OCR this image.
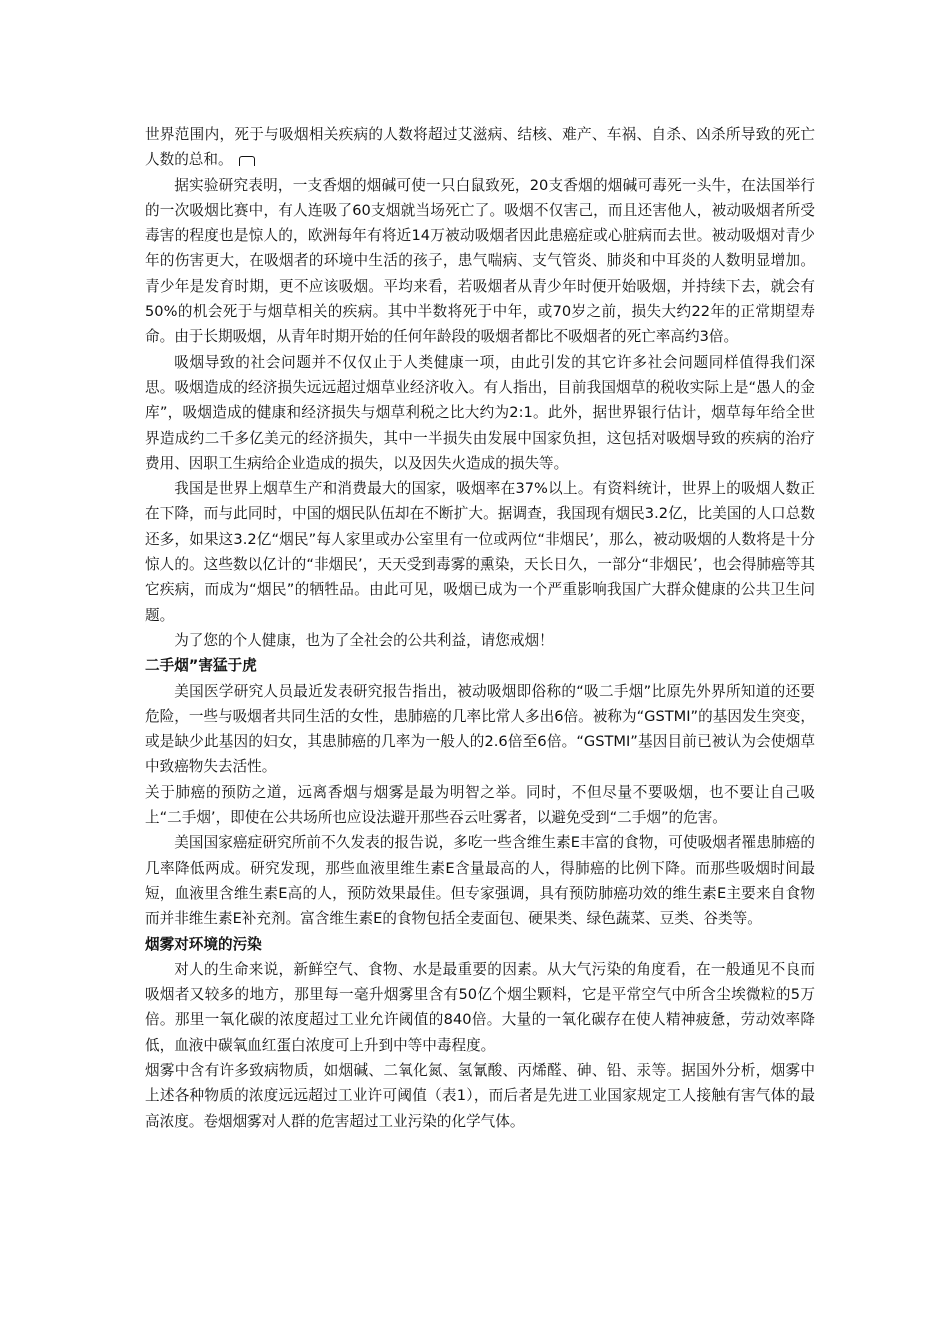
世界范围内，死于与吸烟相关疾病的人数将超过艾滋病、结核、难产、车祸、自杀、凶杀所导致的死亡人数的总和。

据实验研究表明，一支香烟的烟碱可使一只白鼠致死，20支香烟的烟碱可毒死一头牛，在法国举行的一次吸烟比赛中，有人连吸了60支烟就当场死亡了。吸烟不仅害己，而且还害他人，被动吸烟者所受毒害的程度也是惊人的，欧洲每年有将近14万被动吸烟者因此患癌症或心脏病而去世。被动吸烟对青少年的伤害更大，在吸烟者的环境中生活的孩子，患气喘病、支气管炎、肺炎和中耳炎的人数明显增加。青少年是发育时期，更不应该吸烟。平均来看，若吸烟者从青少年时便开始吸烟，并持续下去，就会有50%的机会死于与烟草相关的疾病。其中半数将死于中年，或70岁之前，损失大约22年的正常期望寿命。由于长期吸烟，从青年时期开始的任何年龄段的吸烟者都比不吸烟者的死亡率高约3倍。

吸烟导致的社会问题并不仅仅止于人类健康一项，由此引发的其它许多社会问题同样值得我们深思。吸烟造成的经济损失远远超过烟草业经济收入。有人指出，目前我国烟草的税收实际上是“愚人的金库”，吸烟造成的健康和经济损失与烟草利税之比大约为2:1。此外，据世界银行估计，烟草每年给全世界造成约二千多亿美元的经济损失，其中一半损失由发展中国家负担，这包括对吸烟导致的疾病的治疗费用、因职工生病给企业造成的损失，以及因失火造成的损失等。

我国是世界上烟草生产和消费最大的国家，吸烟率在37%以上。有资料统计，世界上的吸烟人数正在下降，而与此同时，中国的烟民队伍却在不断扩大。据调查，我国现有烟民3.2亿，比美国的人口总数还多，如果这3.2亿“烟民”每人家里或办公室里有一位或两位“非烟民’，那么，被动吸烟的人数将是十分惊人的。这些数以亿计的“非烟民’，天天受到毒雾的熏染，天长日久，一部分“非烟民’，也会得肺癌等其它疾病，而成为“烟民”的牺牲品。由此可见，吸烟已成为一个严重影响我国广大群众健康的公共卫生问题。

为了您的个人健康，也为了全社会的公共利益，请您戒烟！

二手烟”害猛于虎

美国医学研究人员最近发表研究报告指出，被动吸烟即俗称的“吸二手烟”比原先外界所知道的还要危险，一些与吸烟者共同生活的女性，患肺癌的几率比常人多出6倍。被称为“GSTMI”的基因发生突变，或是缺少此基因的妇女，其患肺癌的几率为一般人的2.6倍至6倍。“GSTMI”基因目前已被认为会使烟草中致癌物失去活性。

关于肺癌的预防之道，远离香烟与烟雾是最为明智之举。同时，不但尽量不要吸烟，也不要让自己吸上“二手烟’，即使在公共场所也应设法避开那些吞云吐雾者，以避免受到“二手烟”的危害。

美国国家癌症研究所前不久发表的报告说，多吃一些含维生素E丰富的食物，可使吸烟者罹患肺癌的几率降低两成。研究发现，那些血液里维生素E含量最高的人，得肺癌的比例下降。而那些吸烟时间最短，血液里含维生素E高的人，预防效果最佳。但专家强调，具有预防肺癌功效的维生素E主要来自食物而并非维生素E补充剂。富含维生素E的食物包括全麦面包、硬果类、绿色蔬菜、豆类、谷类等。

烟雾对环境的污染

对人的生命来说，新鲜空气、食物、水是最重要的因素。从大气污染的角度看，在一般通见不良而吸烟者又较多的地方，那里每一毫升烟雾里含有50亿个烟尘颗料，它是平常空气中所含尘埃微粒的5万倍。那里一氧化碳的浓度超过工业允许阈值的840倍。大量的一氧化碳存在使人精神疲惫，劳动效率降低，血液中碳氧血红蛋白浓度可上升到中等中毒程度。

烟雾中含有许多致病物质，如烟碱、二氧化氮、氢氰酸、丙烯醛、砷、铅、汞等。据国外分析，烟雾中上述各种物质的浓度远远超过工业许可阈值（表1），而后者是先进工业国家规定工人接触有害气体的最高浓度。卷烟烟雾对人群的危害超过工业污染的化学气体。
